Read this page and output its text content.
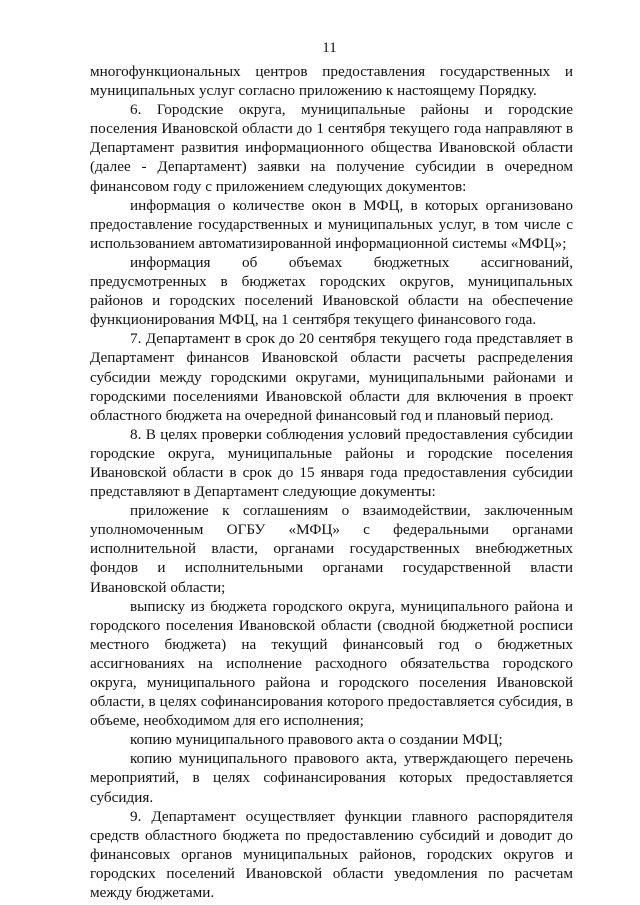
11

многофункциональных центров предоставления государственных и муниципальных услуг согласно приложению к настоящему Порядку.

6. Городские округа, муниципальные районы и городские поселения Ивановской области до 1 сентября текущего года направляют в Департамент развития информационного общества Ивановской области (далее - Департамент) заявки на получение субсидии в очередном финансовом году с приложением следующих документов:

информация о количестве окон в МФЦ, в которых организовано предоставление государственных и муниципальных услуг, в том числе с использованием автоматизированной информационной системы «МФЦ»;

информация об объемах бюджетных ассигнований, предусмотренных в бюджетах городских округов, муниципальных районов и городских поселений Ивановской области на обеспечение функционирования МФЦ, на 1 сентября текущего финансового года.

7. Департамент в срок до 20 сентября текущего года представляет в Департамент финансов Ивановской области расчеты распределения субсидии между городскими округами, муниципальными районами и городскими поселениями Ивановской области для включения в проект областного бюджета на очередной финансовый год и плановый период.

8. В целях проверки соблюдения условий предоставления субсидии городские округа, муниципальные районы и городские поселения Ивановской области в срок до 15 января года предоставления субсидии представляют в Департамент следующие документы:

приложение к соглашениям о взаимодействии, заключенным уполномоченным ОГБУ «МФЦ» с федеральными органами исполнительной власти, органами государственных внебюджетных фондов и исполнительными органами государственной власти Ивановской области;

выписку из бюджета городского округа, муниципального района и городского поселения Ивановской области (сводной бюджетной росписи местного бюджета) на текущий финансовый год о бюджетных ассигнованиях на исполнение расходного обязательства городского округа, муниципального района и городского поселения Ивановской области, в целях софинансирования которого предоставляется субсидия, в объеме, необходимом для его исполнения;

копию муниципального правового акта о создании МФЦ;

копию муниципального правового акта, утверждающего перечень мероприятий, в целях софинансирования которых предоставляется субсидия.

9. Департамент осуществляет функции главного распорядителя средств областного бюджета по предоставлению субсидий и доводит до финансовых органов муниципальных районов, городских округов и городских поселений Ивановской области уведомления по расчетам между бюджетами.
